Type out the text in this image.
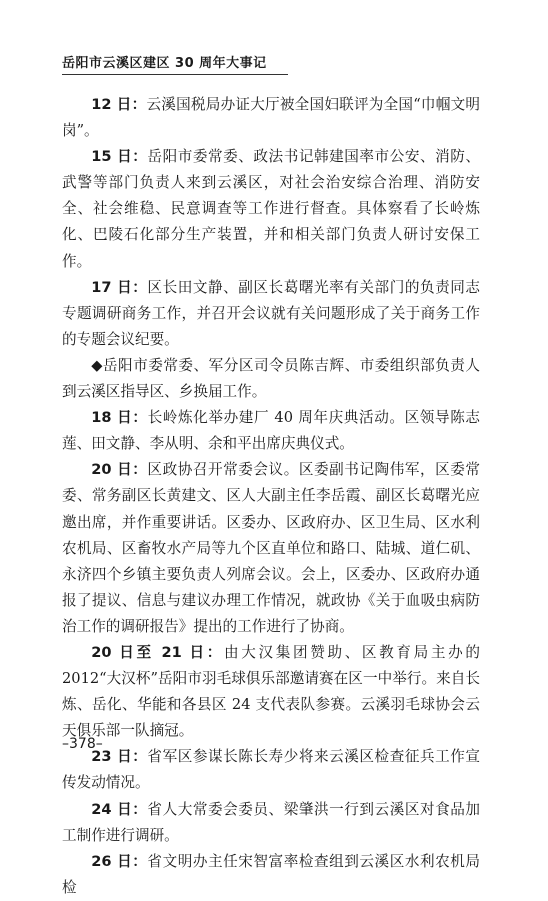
岳阳市云溪区建区 30 周年大事记

12 日：云溪国税局办证大厅被全国妇联评为全国“巾帼文明岗”。

15 日：岳阳市委常委、政法书记韩建国率市公安、消防、武警等部门负责人来到云溪区，对社会治安综合治理、消防安全、社会维稳、民意调查等工作进行督查。具体察看了长岭炼化、巴陵石化部分生产装置，并和相关部门负责人研讨安保工作。

17 日：区长田文静、副区长葛曙光率有关部门的负责同志专题调研商务工作，并召开会议就有关问题形成了关于商务工作的专题会议纪要。

◆岳阳市委常委、军分区司令员陈吉辉、市委组织部负责人到云溪区指导区、乡换届工作。

18 日：长岭炼化举办建厂 40 周年庆典活动。区领导陈志莲、田文静、李从明、余和平出席庆典仪式。

20 日：区政协召开常委会议。区委副书记陶伟军，区委常委、常务副区长黄建文、区人大副主任李岳霞、副区长葛曙光应邀出席，并作重要讲话。区委办、区政府办、区卫生局、区水利农机局、区畜牧水产局等九个区直单位和路口、陆城、道仁矶、永济四个乡镇主要负责人列席会议。会上，区委办、区政府办通报了提议、信息与建议办理工作情况，就政协《关于血吸虫病防治工作的调研报告》提出的工作进行了协商。

20 日至 21 日：由大汉集团赞助、区教育局主办的 2012“大汉杯”岳阳市羽毛球俱乐部邀请赛在区一中举行。来自长炼、岳化、华能和各县区 24 支代表队参赛。云溪羽毛球协会云天俱乐部一队摘冠。

23 日：省军区参谋长陈长寿少将来云溪区检查征兵工作宣传发动情况。

24 日：省人大常委会委员、梁肇洪一行到云溪区对食品加工制作进行调研。

26 日：省文明办主任宋智富率检查组到云溪区水利农机局检

–378–
